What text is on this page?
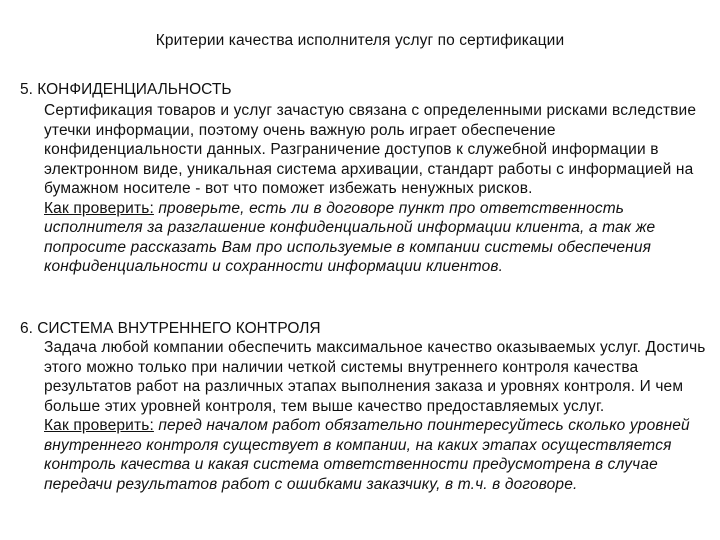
Критерии качества исполнителя услуг по сертификации
5. КОНФИДЕНЦИАЛЬНОСТЬ

Сертификация товаров и услуг зачастую связана с определенными рисками вследствие утечки информации, поэтому очень важную роль играет обеспечение конфиденциальности данных. Разграничение доступов к служебной информации в электронном виде, уникальная система архивации, стандарт работы с информацией на бумажном носителе - вот что поможет избежать ненужных рисков.

Как проверить: проверьте, есть ли в договоре пункт про ответственность исполнителя за разглашение конфиденциальной информации клиента, а так же попросите рассказать Вам про используемые в компании системы обеспечения конфиденциальности и сохранности информации клиентов.

6. СИСТЕМА ВНУТРЕННЕГО КОНТРОЛЯ

Задача любой компании обеспечить максимальное качество оказываемых услуг. Достичь этого можно только при наличии четкой системы внутреннего контроля качества результатов работ на различных этапах выполнения заказа и уровнях контроля. И чем больше этих уровней контроля, тем выше качество предоставляемых услуг.

Как проверить: перед началом работ обязательно поинтересуйтесь сколько уровней внутреннего контроля существует в компании, на каких этапах осуществляется контроль качества и какая система ответственности предусмотрена в случае передачи результатов работ с ошибками заказчику, в т.ч. в договоре.
